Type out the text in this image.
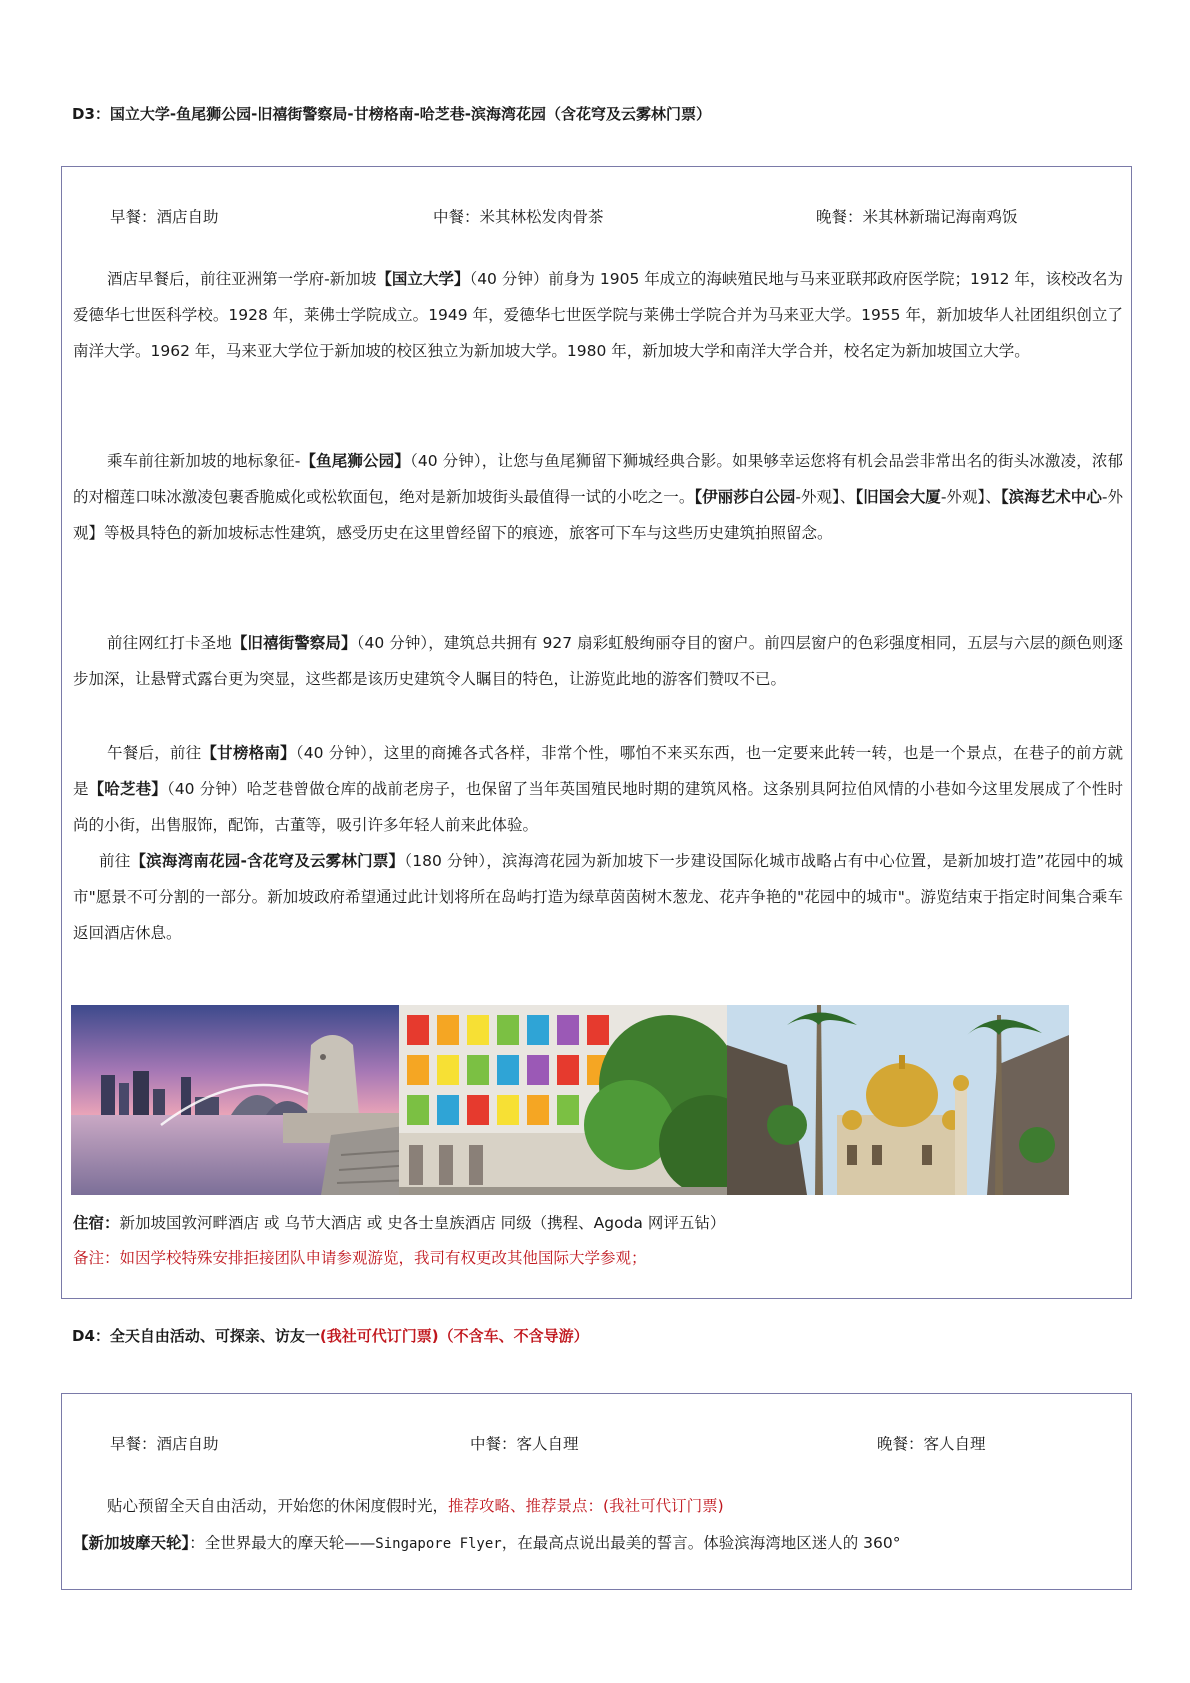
D3：国立大学-鱼尾狮公园-旧禧街警察局-甘榜格南-哈芝巷-滨海湾花园（含花穹及云雾林门票）
早餐：酒店自助	中餐：米其林松发肉骨茶	晚餐：米其林新瑞记海南鸡饭

酒店早餐后，前往亚洲第一学府-新加坡【国立大学】（40 分钟）前身为 1905 年成立的海峡殖民地与马来亚联邦政府医学院；1912 年，该校改名为爱德华七世医科学校。1928 年，莱佛士学院成立。1949 年，爱德华七世医学院与莱佛士学院合并为马来亚大学。1955 年，新加坡华人社团组织创立了南洋大学。1962 年，马来亚大学位于新加坡的校区独立为新加坡大学。1980 年，新加坡大学和南洋大学合并，校名定为新加坡国立大学。

乘车前往新加坡的地标象征-【鱼尾狮公园】（40 分钟），让您与鱼尾狮留下狮城经典合影。如果够幸运您将有机会品尝非常出名的街头冰激凌，浓郁的对榴莲口味冰激凌包裹香脆威化或松软面包，绝对是新加坡街头最值得一试的小吃之一。【伊丽莎白公园-外观】、【旧国会大厦-外观】、【滨海艺术中心-外观】等极具特色的新加坡标志性建筑，感受历史在这里曾经留下的痕迹，旅客可下车与这些历史建筑拍照留念。

前往网红打卡圣地【旧禧街警察局】（40 分钟），建筑总共拥有 927 扇彩虹般绚丽夺目的窗户。前四层窗户的色彩强度相同，五层与六层的颜色则逐步加深，让悬臂式露台更为突显，这些都是该历史建筑令人瞩目的特色，让游览此地的游客们赞叹不已。

午餐后，前往【甘榜格南】（40 分钟），这里的商摊各式各样，非常个性，哪怕不来买东西，也一定要来此转一转，也是一个景点，在巷子的前方就是【哈芝巷】（40 分钟）哈芝巷曾做仓库的战前老房子，也保留了当年英国殖民地时期的建筑风格。这条别具阿拉伯风情的小巷如今这里发展成了个性时尚的小街，出售服饰，配饰，古董等，吸引许多年轻人前来此体验。

前往【滨海湾南花园-含花穹及云雾林门票】（180 分钟），滨海湾花园为新加坡下一步建设国际化城市战略占有中心位置，是新加坡打造”花园中的城市"愿景不可分割的一部分。新加坡政府希望通过此计划将所在岛屿打造为绿草茵茵树木葱龙、花卉争艳的"花园中的城市"。游览结束于指定时间集合乘车返回酒店休息。

住宿：新加坡国敦河畔酒店 或 乌节大酒店 或 史各士皇族酒店 同级（携程、Agoda 网评五钻）
备注：如因学校特殊安排拒接团队申请参观游览，我司有权更改其他国际大学参观；
D4：全天自由活动、可探亲、访友一(我社可代订门票)（不含车、不含导游）
早餐：酒店自助	中餐：客人自理	晚餐：客人自理
贴心预留全天自由活动，开始您的休闲度假时光，推荐攻略、推荐景点：(我社可代订门票)
【新加坡摩天轮】：全世界最大的摩天轮——Singapore Flyer，在最高点说出最美的誓言。体验滨海湾地区迷人的 360°
